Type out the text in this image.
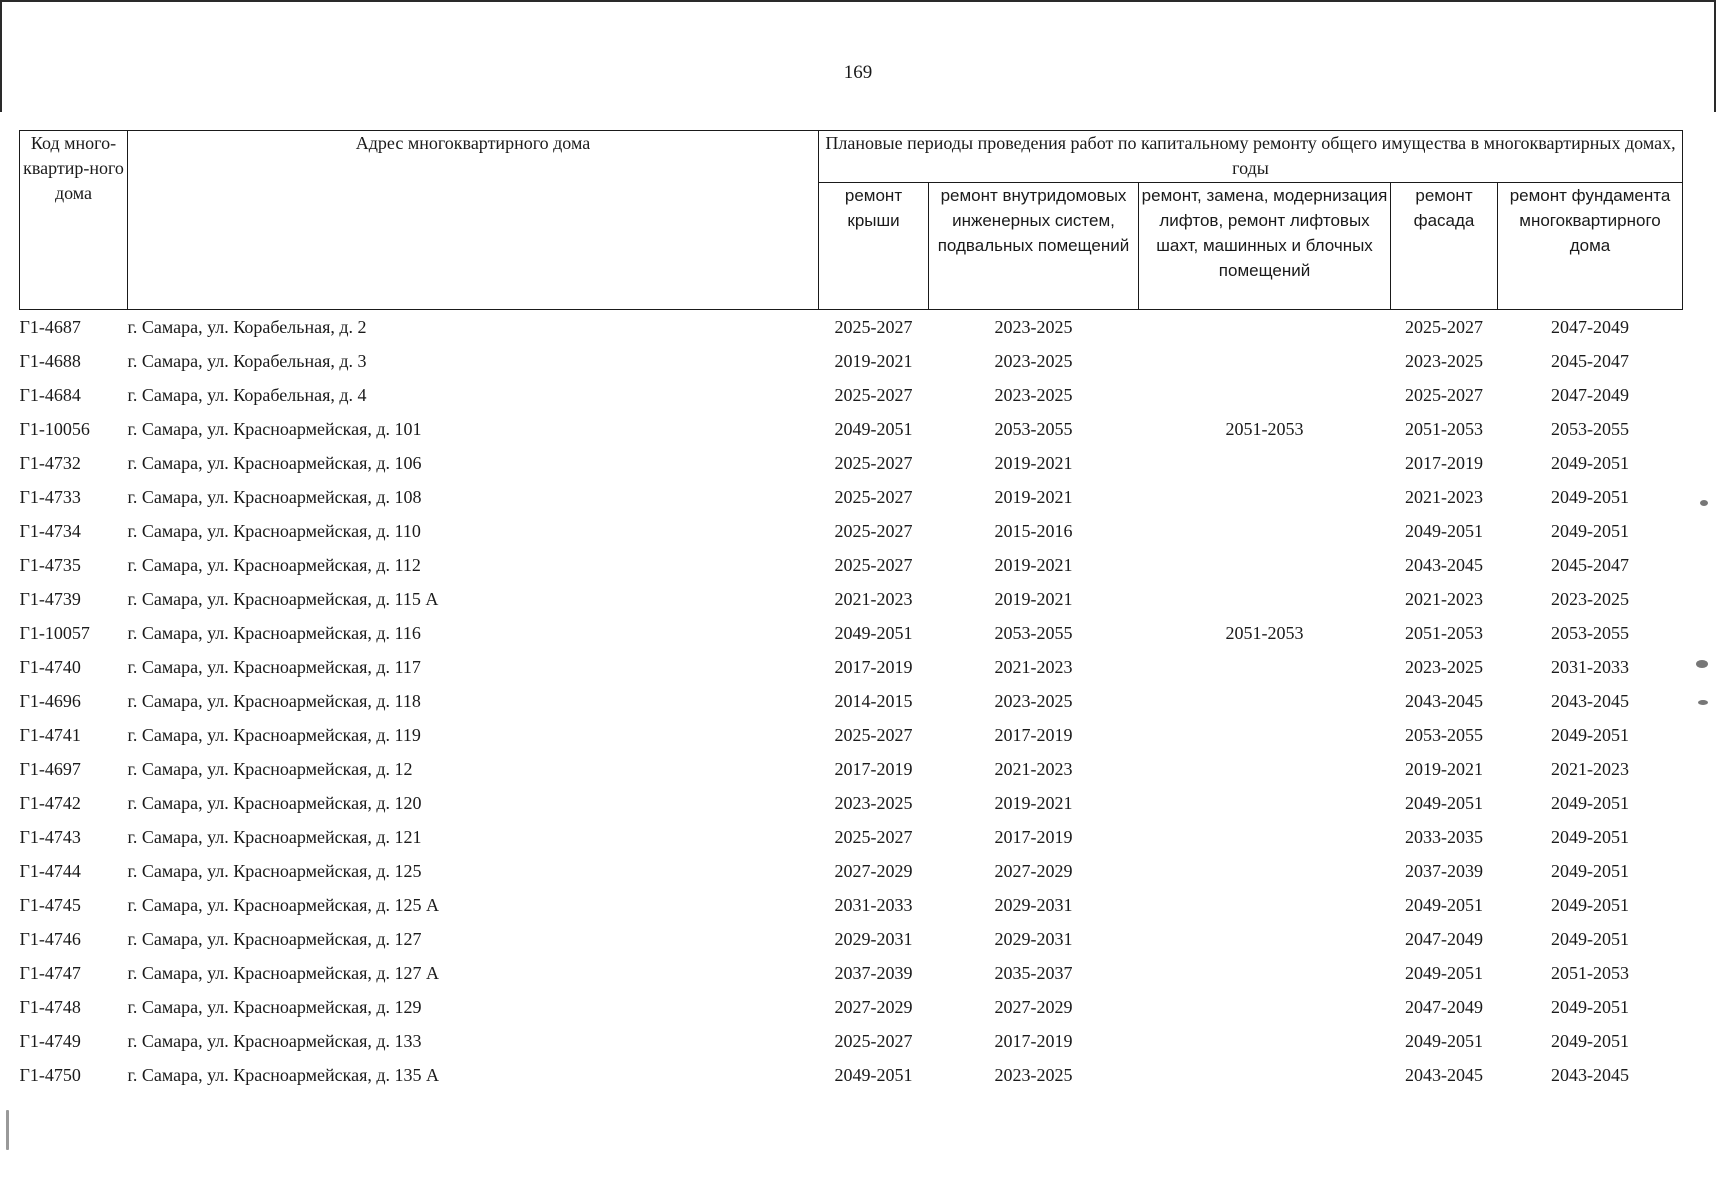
169
Код много-квартир-ного дома	Адрес многоквартирного дома	Плановые периоды проведения работ по капитальному ремонту общего имущества в многоквартирных домах, годы				
		ремонт крыши	ремонт внутридомовых инженерных систем, подвальных помещений	ремонт, замена, модернизация лифтов, ремонт лифтовых шахт, машинных и блочных помещений	ремонт фасада	ремонт фундамента многоквартирного дома
Г1-4687	г. Самара, ул. Корабельная, д. 2	2025-2027	2023-2025		2025-2027	2047-2049
Г1-4688	г. Самара, ул. Корабельная, д. 3	2019-2021	2023-2025		2023-2025	2045-2047
Г1-4684	г. Самара, ул. Корабельная, д. 4	2025-2027	2023-2025		2025-2027	2047-2049
Г1-10056	г. Самара, ул. Красноармейская, д. 101	2049-2051	2053-2055	2051-2053	2051-2053	2053-2055
Г1-4732	г. Самара, ул. Красноармейская, д. 106	2025-2027	2019-2021		2017-2019	2049-2051
Г1-4733	г. Самара, ул. Красноармейская, д. 108	2025-2027	2019-2021		2021-2023	2049-2051
Г1-4734	г. Самара, ул. Красноармейская, д. 110	2025-2027	2015-2016		2049-2051	2049-2051
Г1-4735	г. Самара, ул. Красноармейская, д. 112	2025-2027	2019-2021		2043-2045	2045-2047
Г1-4739	г. Самара, ул. Красноармейская, д. 115 А	2021-2023	2019-2021		2021-2023	2023-2025
Г1-10057	г. Самара, ул. Красноармейская, д. 116	2049-2051	2053-2055	2051-2053	2051-2053	2053-2055
Г1-4740	г. Самара, ул. Красноармейская, д. 117	2017-2019	2021-2023		2023-2025	2031-2033
Г1-4696	г. Самара, ул. Красноармейская, д. 118	2014-2015	2023-2025		2043-2045	2043-2045
Г1-4741	г. Самара, ул. Красноармейская, д. 119	2025-2027	2017-2019		2053-2055	2049-2051
Г1-4697	г. Самара, ул. Красноармейская, д. 12	2017-2019	2021-2023		2019-2021	2021-2023
Г1-4742	г. Самара, ул. Красноармейская, д. 120	2023-2025	2019-2021		2049-2051	2049-2051
Г1-4743	г. Самара, ул. Красноармейская, д. 121	2025-2027	2017-2019		2033-2035	2049-2051
Г1-4744	г. Самара, ул. Красноармейская, д. 125	2027-2029	2027-2029		2037-2039	2049-2051
Г1-4745	г. Самара, ул. Красноармейская, д. 125 А	2031-2033	2029-2031		2049-2051	2049-2051
Г1-4746	г. Самара, ул. Красноармейская, д. 127	2029-2031	2029-2031		2047-2049	2049-2051
Г1-4747	г. Самара, ул. Красноармейская, д. 127 А	2037-2039	2035-2037		2049-2051	2051-2053
Г1-4748	г. Самара, ул. Красноармейская, д. 129	2027-2029	2027-2029		2047-2049	2049-2051
Г1-4749	г. Самара, ул. Красноармейская, д. 133	2025-2027	2017-2019		2049-2051	2049-2051
Г1-4750	г. Самара, ул. Красноармейская, д. 135 А	2049-2051	2023-2025		2043-2045	2043-2045
